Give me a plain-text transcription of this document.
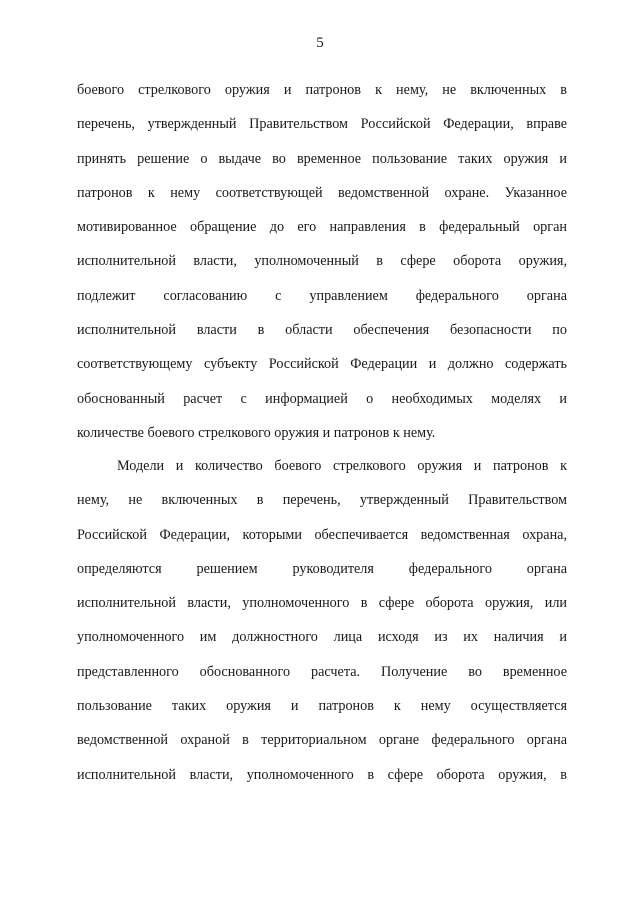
5
боевого стрелкового оружия и патронов к нему, не включенных в
перечень, утвержденный Правительством Российской Федерации, вправе
принять решение о выдаче во временное пользование таких оружия и
патронов к нему соответствующей ведомственной охране. Указанное
мотивированное обращение до его направления в федеральный орган
исполнительной власти, уполномоченный в сфере оборота оружия,
подлежит согласованию с управлением федерального органа
исполнительной власти в области обеспечения безопасности по
соответствующему субъекту Российской Федерации и должно содержать
обоснованный расчет с информацией о необходимых моделях и
количестве боевого стрелкового оружия и патронов к нему.
Модели и количество боевого стрелкового оружия и патронов к
нему, не включенных в перечень, утвержденный Правительством
Российской Федерации, которыми обеспечивается ведомственная охрана,
определяются решением руководителя федерального органа
исполнительной власти, уполномоченного в сфере оборота оружия, или
уполномоченного им должностного лица исходя из их наличия и
представленного обоснованного расчета. Получение во временное
пользование таких оружия и патронов к нему осуществляется
ведомственной охраной в территориальном органе федерального органа
исполнительной власти, уполномоченного в сфере оборота оружия, в
